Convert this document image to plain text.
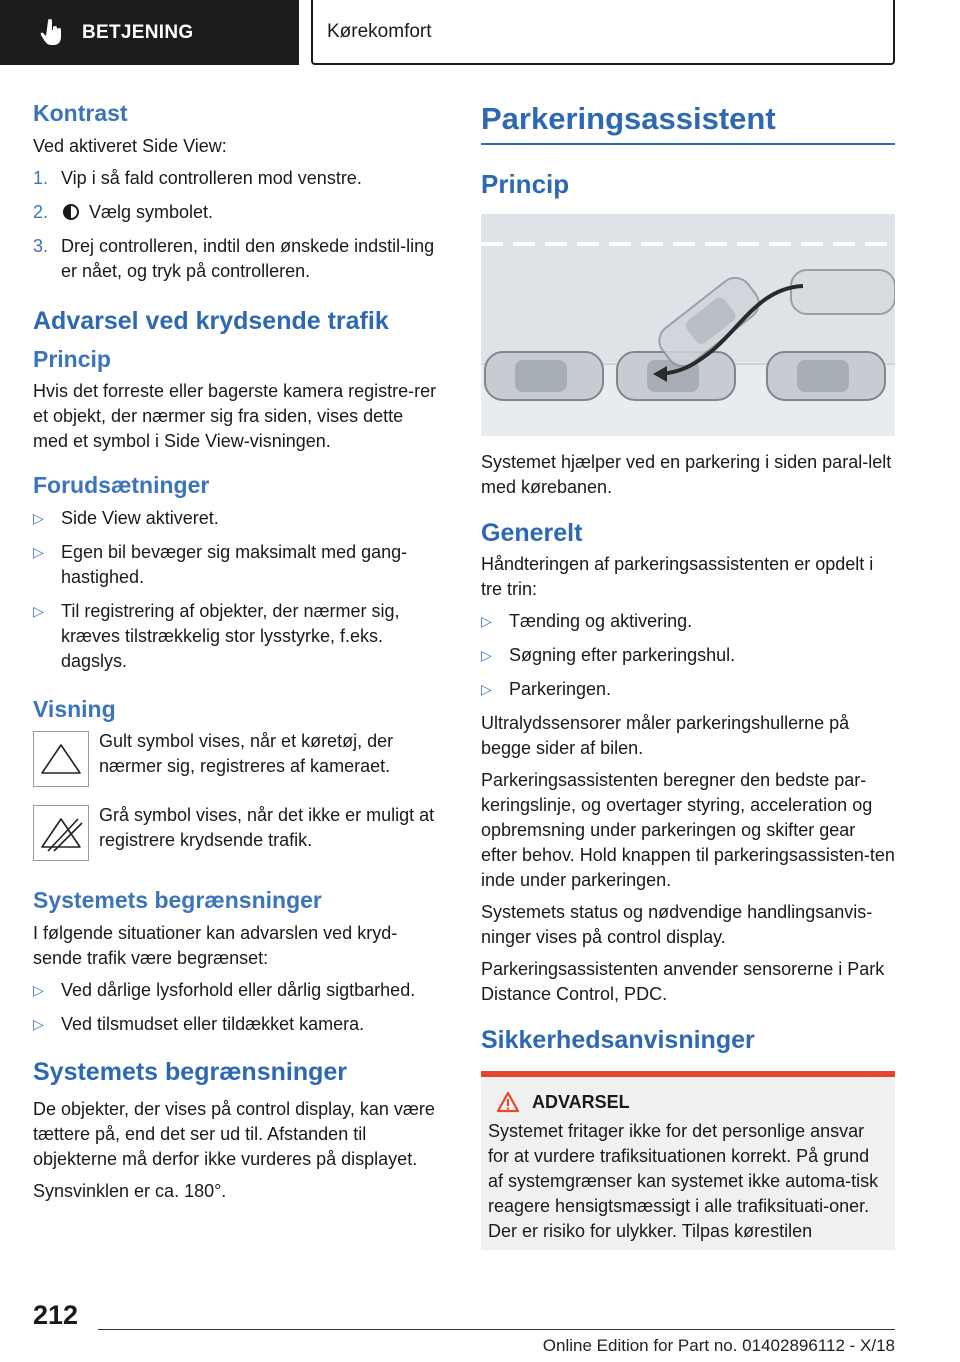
BETJENING	Kørekomfort
Kontrast

Ved aktiveret Side View:

1. Vip i så fald controlleren mod venstre.
2. Vælg symbolet.
3. Drej controlleren, indtil den ønskede indstil-ling er nået, og tryk på controlleren.
Advarsel ved krydsende trafik
Princip

Hvis det forreste eller bagerste kamera registre-rer et objekt, der nærmer sig fra siden, vises dette med et symbol i Side View-visningen.

Forudsætninger
▷ Side View aktiveret.
▷ Egen bil bevæger sig maksimalt med gang-hastighed.
▷ Til registrering af objekter, der nærmer sig, kræves tilstrækkelig stor lysstyrke, f.eks. dagslys.
Visning

Gult symbol vises, når et køretøj, der nærmer sig, registreres af kameraet.

Grå symbol vises, når det ikke er muligt at registrere krydsende trafik.

Systemets begrænsninger

I følgende situationer kan advarslen ved kryd-sende trafik være begrænset:

▷ Ved dårlige lysforhold eller dårlig sigtbarhed.
▷ Ved tilsmudset eller tildækket kamera.
Systemets begrænsninger

De objekter, der vises på control display, kan være tættere på, end det ser ud til. Afstanden til objekterne må derfor ikke vurderes på displayet.

Synsvinklen er ca. 180°.

Parkeringsassistent
Princip

Systemet hjælper ved en parkering i siden paral-lelt med kørebanen.

Generelt

Håndteringen af parkeringsassistenten er opdelt i tre trin:

▷ Tænding og aktivering.
▷ Søgning efter parkeringshul.
▷ Parkeringen.

Ultralydssensorer måler parkeringshullerne på begge sider af bilen.

Parkeringsassistenten beregner den bedste par-keringslinje, og overtager styring, acceleration og opbremsning under parkeringen og skifter gear efter behov. Hold knappen til parkeringsassisten-ten inde under parkeringen.

Systemets status og nødvendige handlingsanvis-ninger vises på control display.

Parkeringsassistenten anvender sensorerne i Park Distance Control, PDC.

Sikkerhedsanvisninger
ADVARSEL

Systemet fritager ikke for det personlige ansvar for at vurdere trafiksituationen korrekt. På grund af systemgrænser kan systemet ikke automa-tisk reagere hensigtsmæssigt i alle trafiksituati-oner. Der er risiko for ulykker. Tilpas kørestilen

212
Online Edition for Part no. 01402896112 - X/18
